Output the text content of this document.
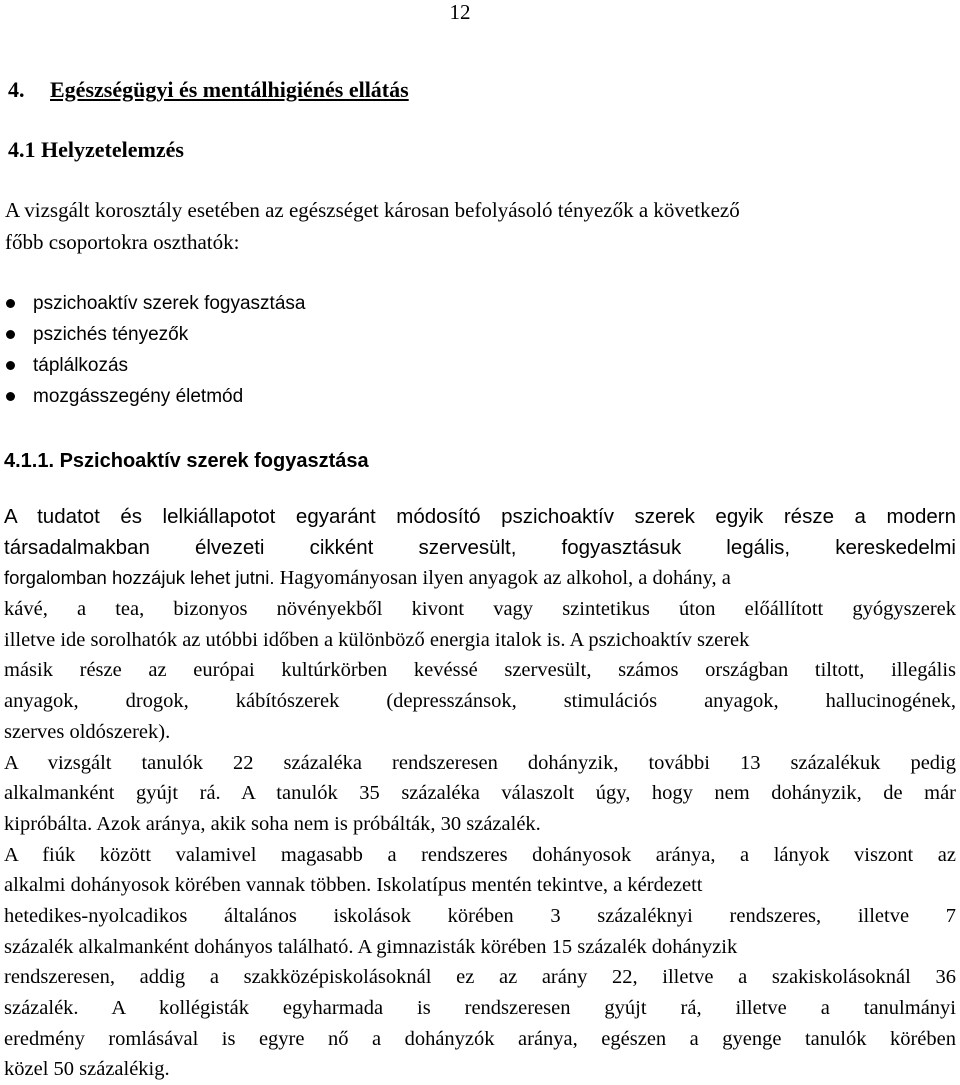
12
4. Egészségügyi és mentálhigiénés ellátás
4.1 Helyzetelemzés

A vizsgált korosztály esetében az egészséget károsan befolyásoló tényezők a következő
főbb csoportokra oszthatók:

pszichoaktív szerek fogyasztása
pszichés tényezők
táplálkozás
mozgásszegény életmód
4.1.1. Pszichoaktív szerek fogyasztása
A tudatot és lelkiállapotot egyaránt módosító pszichoaktív szerek egyik része a modern
társadalmakban élvezeti cikként szervesült, fogyasztásuk legális, kereskedelmi
forgalomban hozzájuk lehet jutni. Hagyományosan ilyen anyagok az alkohol, a dohány, a
kávé, a tea, bizonyos növényekből kivont vagy szintetikus úton előállított gyógyszerek
illetve ide sorolhatók az utóbbi időben a különböző energia italok is. A pszichoaktív szerek
másik része az európai kultúrkörben kevéssé szervesült, számos országban tiltott, illegális
anyagok, drogok, kábítószerek (depresszánsok, stimulációs anyagok, hallucinogének,
szerves oldószerek).
A vizsgált tanulók 22 százaléka rendszeresen dohányzik, további 13 százalékuk pedig
alkalmanként gyújt rá. A tanulók 35 százaléka válaszolt úgy, hogy nem dohányzik, de már
kipróbálta. Azok aránya, akik soha nem is próbálták, 30 százalék.
A fiúk között valamivel magasabb a rendszeres dohányosok aránya, a lányok viszont az
alkalmi dohányosok körében vannak többen. Iskolatípus mentén tekintve, a kérdezett
hetedikes-nyolcadikos általános iskolások körében 3 százaléknyi rendszeres, illetve 7
százalék alkalmanként dohányos található. A gimnazisták körében 15 százalék dohányzik
rendszeresen, addig a szakközépiskolásoknál ez az arány 22, illetve a szakiskolásoknál 36
százalék. A kollégisták egyharmada is rendszeresen gyújt rá, illetve a tanulmányi
eredmény romlásával is egyre nő a dohányzók aránya, egészen a gyenge tanulók körében
közel 50 százalékig.
